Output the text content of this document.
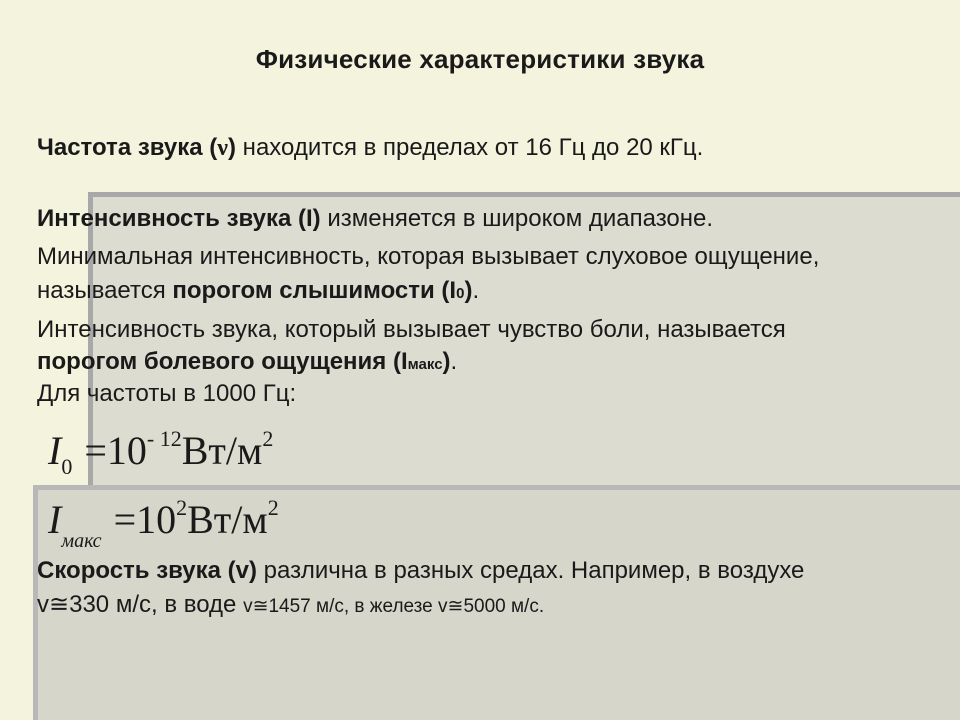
Физические характеристики звука
Частота звука (ν) находится в пределах от 16 Гц до 20 кГц.
Интенсивность звука (I) изменяется в широком диапазоне.
Минимальная интенсивность, которая вызывает слуховое ощущение,
называется порогом слышимости (I0).
Интенсивность звука, который вызывает чувство боли, называется
порогом болевого ощущения (Iмакс).
Для частоты в 1000 Гц:
$I_0 =10^{- 12}Вт/м^2$
$I_{макс} =10^2Вт/м^2$
Скорость звука (v) различна в разных средах. Например, в воздухе
v≅330 м/с, в воде v≅1457 м/с, в железе v≅5000 м/с.
